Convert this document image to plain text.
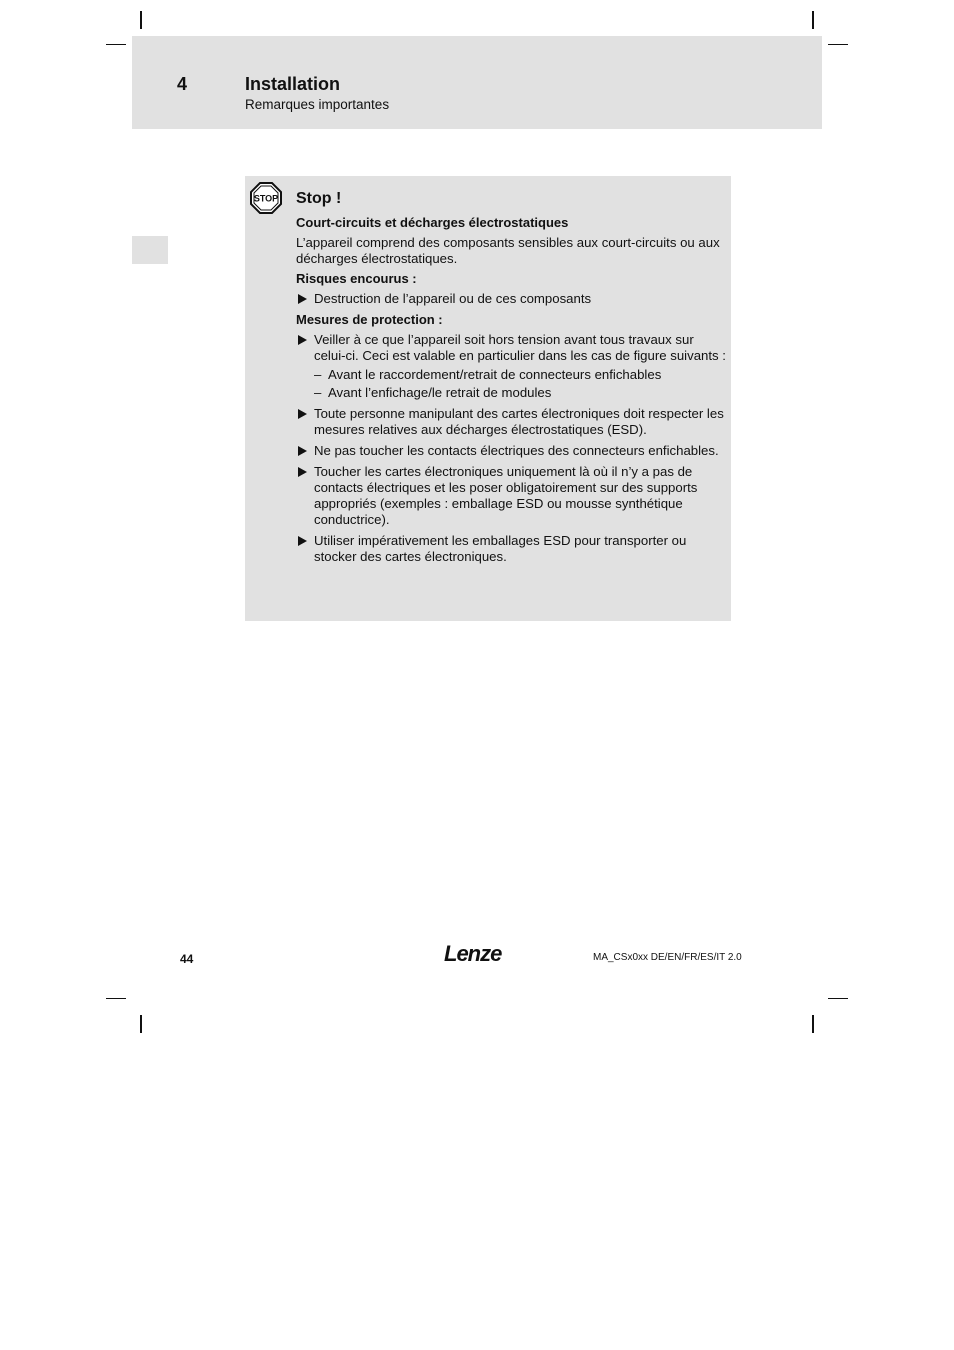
4	Installation
Remarques importantes
STOP Stop !
Court-circuits et décharges électrostatiques
L’appareil comprend des composants sensibles aux court-circuits ou aux décharges électrostatiques.
Risques encourus :
Destruction de l’appareil ou de ces composants
Mesures de protection :
Veiller à ce que l’appareil soit hors tension avant tous travaux sur celui-ci. Ceci est valable en particulier dans les cas de figure suivants :
– Avant le raccordement/retrait de connecteurs enfichables
– Avant l’enfichage/le retrait de modules
Toute personne manipulant des cartes électroniques doit respecter les mesures relatives aux décharges électrostatiques (ESD).
Ne pas toucher les contacts électriques des connecteurs enfichables.
Toucher les cartes électroniques uniquement là où il n’y a pas de contacts électriques et les poser obligatoirement sur des supports appropriés (exemples : emballage ESD ou mousse synthétique conductrice).
Utiliser impérativement les emballages ESD pour transporter ou stocker des cartes électroniques.
44	Lenze	MA_CSx0xx DE/EN/FR/ES/IT 2.0
